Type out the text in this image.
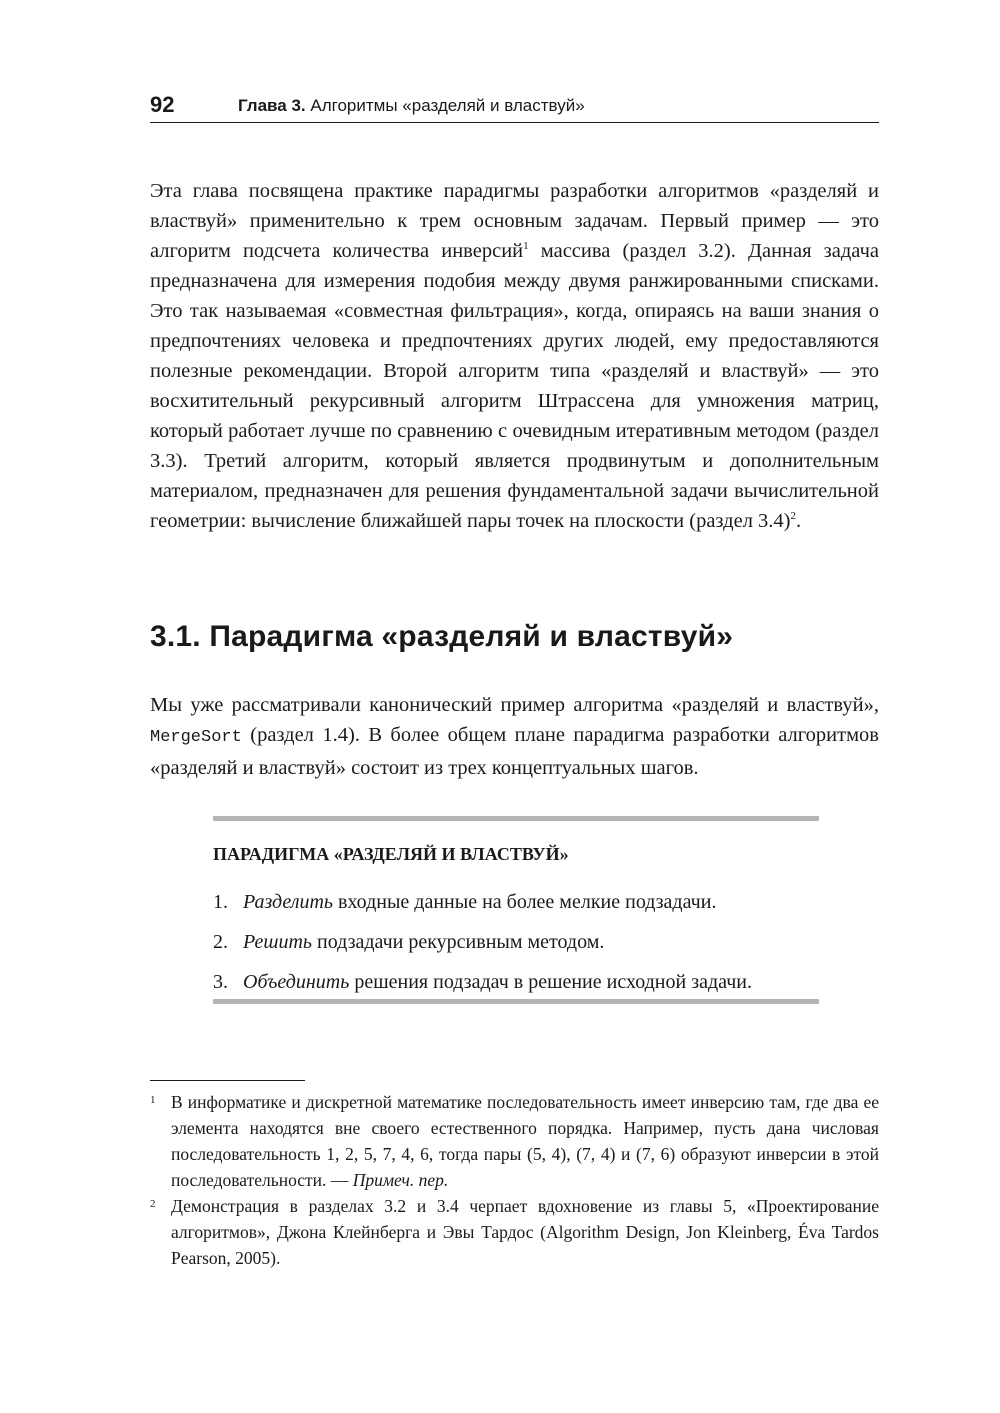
92	Глава 3. Алгоритмы «разделяй и властвуй»

Эта глава посвящена практике парадигмы разработки алгоритмов «разделяй и властвуй» применительно к трем основным задачам. Первый пример — это алгоритм подсчета количества инверсий$^1$ массива (раздел 3.2). Данная задача предназначена для измерения подобия между двумя ранжированными списками. Это так называемая «совместная фильтрация», когда, опираясь на ваши знания о предпочтениях человека и предпочтениях других людей, ему предоставляются полезные рекомендации. Второй алгоритм типа «разделяй и властвуй» — это восхитительный рекурсивный алгоритм Штрассена для умножения матриц, который работает лучше по сравнению с очевидным итеративным методом (раздел 3.3). Третий алгоритм, который является продвинутым и дополнительным материалом, предназначен для решения фундаментальной задачи вычислительной геометрии: вычисление ближайшей пары точек на плоскости (раздел 3.4)$^2$.

3.1. Парадигма «разделяй и властвуй»

Мы уже рассматривали канонический пример алгоритма «разделяй и властвуй», MergeSort (раздел 1.4). В более общем плане парадигма разработки алгоритмов «разделяй и властвуй» состоит из трех концептуальных шагов.

ПАРАДИГМА «РАЗДЕЛЯЙ И ВЛАСТВУЙ»
1. Разделить входные данные на более мелкие подзадачи.
2. Решить подзадачи рекурсивным методом.
3. Объединить решения подзадач в решение исходной задачи.

1 В информатике и дискретной математике последовательность имеет инверсию там, где два ее элемента находятся вне своего естественного порядка. Например, пусть дана числовая последовательность 1, 2, 5, 7, 4, 6, тогда пары (5, 4), (7, 4) и (7, 6) образуют инверсии в этой последовательности. — Примеч. пер.

2 Демонстрация в разделах 3.2 и 3.4 черпает вдохновение из главы 5, «Проектирование алгоритмов», Джона Клейнберга и Эвы Тардос (Algorithm Design, Jon Kleinberg, Éva Tardos Pearson, 2005).
